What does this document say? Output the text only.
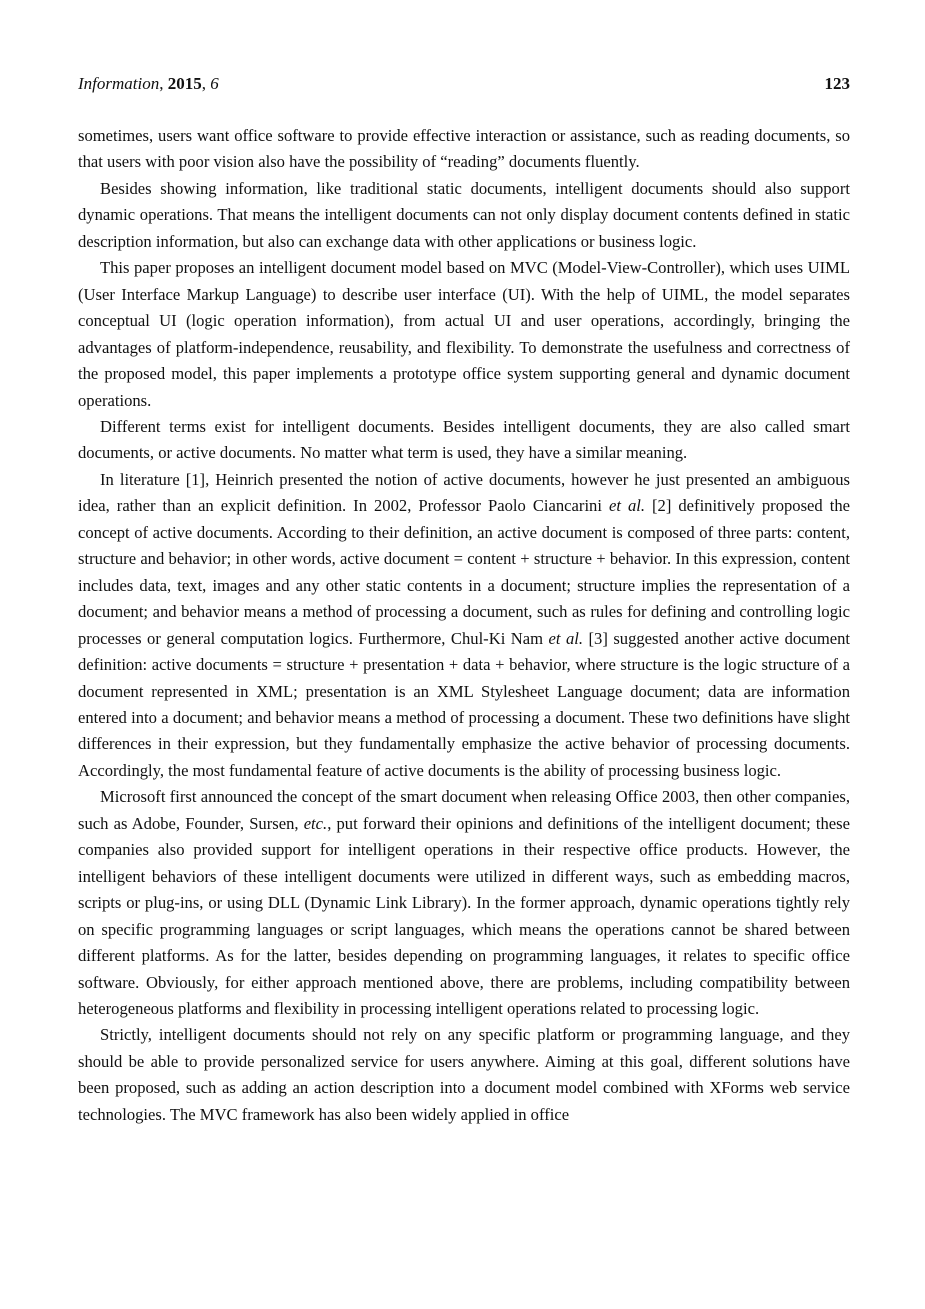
Information, 2015, 6	123

sometimes, users want office software to provide effective interaction or assistance, such as reading documents, so that users with poor vision also have the possibility of “reading” documents fluently.

Besides showing information, like traditional static documents, intelligent documents should also support dynamic operations. That means the intelligent documents can not only display document contents defined in static description information, but also can exchange data with other applications or business logic.

This paper proposes an intelligent document model based on MVC (Model-View-Controller), which uses UIML (User Interface Markup Language) to describe user interface (UI). With the help of UIML, the model separates conceptual UI (logic operation information), from actual UI and user operations, accordingly, bringing the advantages of platform-independence, reusability, and flexibility. To demonstrate the usefulness and correctness of the proposed model, this paper implements a prototype office system supporting general and dynamic document operations.

Different terms exist for intelligent documents. Besides intelligent documents, they are also called smart documents, or active documents. No matter what term is used, they have a similar meaning.

In literature [1], Heinrich presented the notion of active documents, however he just presented an ambiguous idea, rather than an explicit definition. In 2002, Professor Paolo Ciancarini et al. [2] definitively proposed the concept of active documents. According to their definition, an active document is composed of three parts: content, structure and behavior; in other words, active document = content + structure + behavior. In this expression, content includes data, text, images and any other static contents in a document; structure implies the representation of a document; and behavior means a method of processing a document, such as rules for defining and controlling logic processes or general computation logics. Furthermore, Chul-Ki Nam et al. [3] suggested another active document definition: active documents = structure + presentation + data + behavior, where structure is the logic structure of a document represented in XML; presentation is an XML Stylesheet Language document; data are information entered into a document; and behavior means a method of processing a document. These two definitions have slight differences in their expression, but they fundamentally emphasize the active behavior of processing documents. Accordingly, the most fundamental feature of active documents is the ability of processing business logic.

Microsoft first announced the concept of the smart document when releasing Office 2003, then other companies, such as Adobe, Founder, Sursen, etc., put forward their opinions and definitions of the intelligent document; these companies also provided support for intelligent operations in their respective office products. However, the intelligent behaviors of these intelligent documents were utilized in different ways, such as embedding macros, scripts or plug-ins, or using DLL (Dynamic Link Library). In the former approach, dynamic operations tightly rely on specific programming languages or script languages, which means the operations cannot be shared between different platforms. As for the latter, besides depending on programming languages, it relates to specific office software. Obviously, for either approach mentioned above, there are problems, including compatibility between heterogeneous platforms and flexibility in processing intelligent operations related to processing logic.

Strictly, intelligent documents should not rely on any specific platform or programming language, and they should be able to provide personalized service for users anywhere. Aiming at this goal, different solutions have been proposed, such as adding an action description into a document model combined with XForms web service technologies. The MVC framework has also been widely applied in office
